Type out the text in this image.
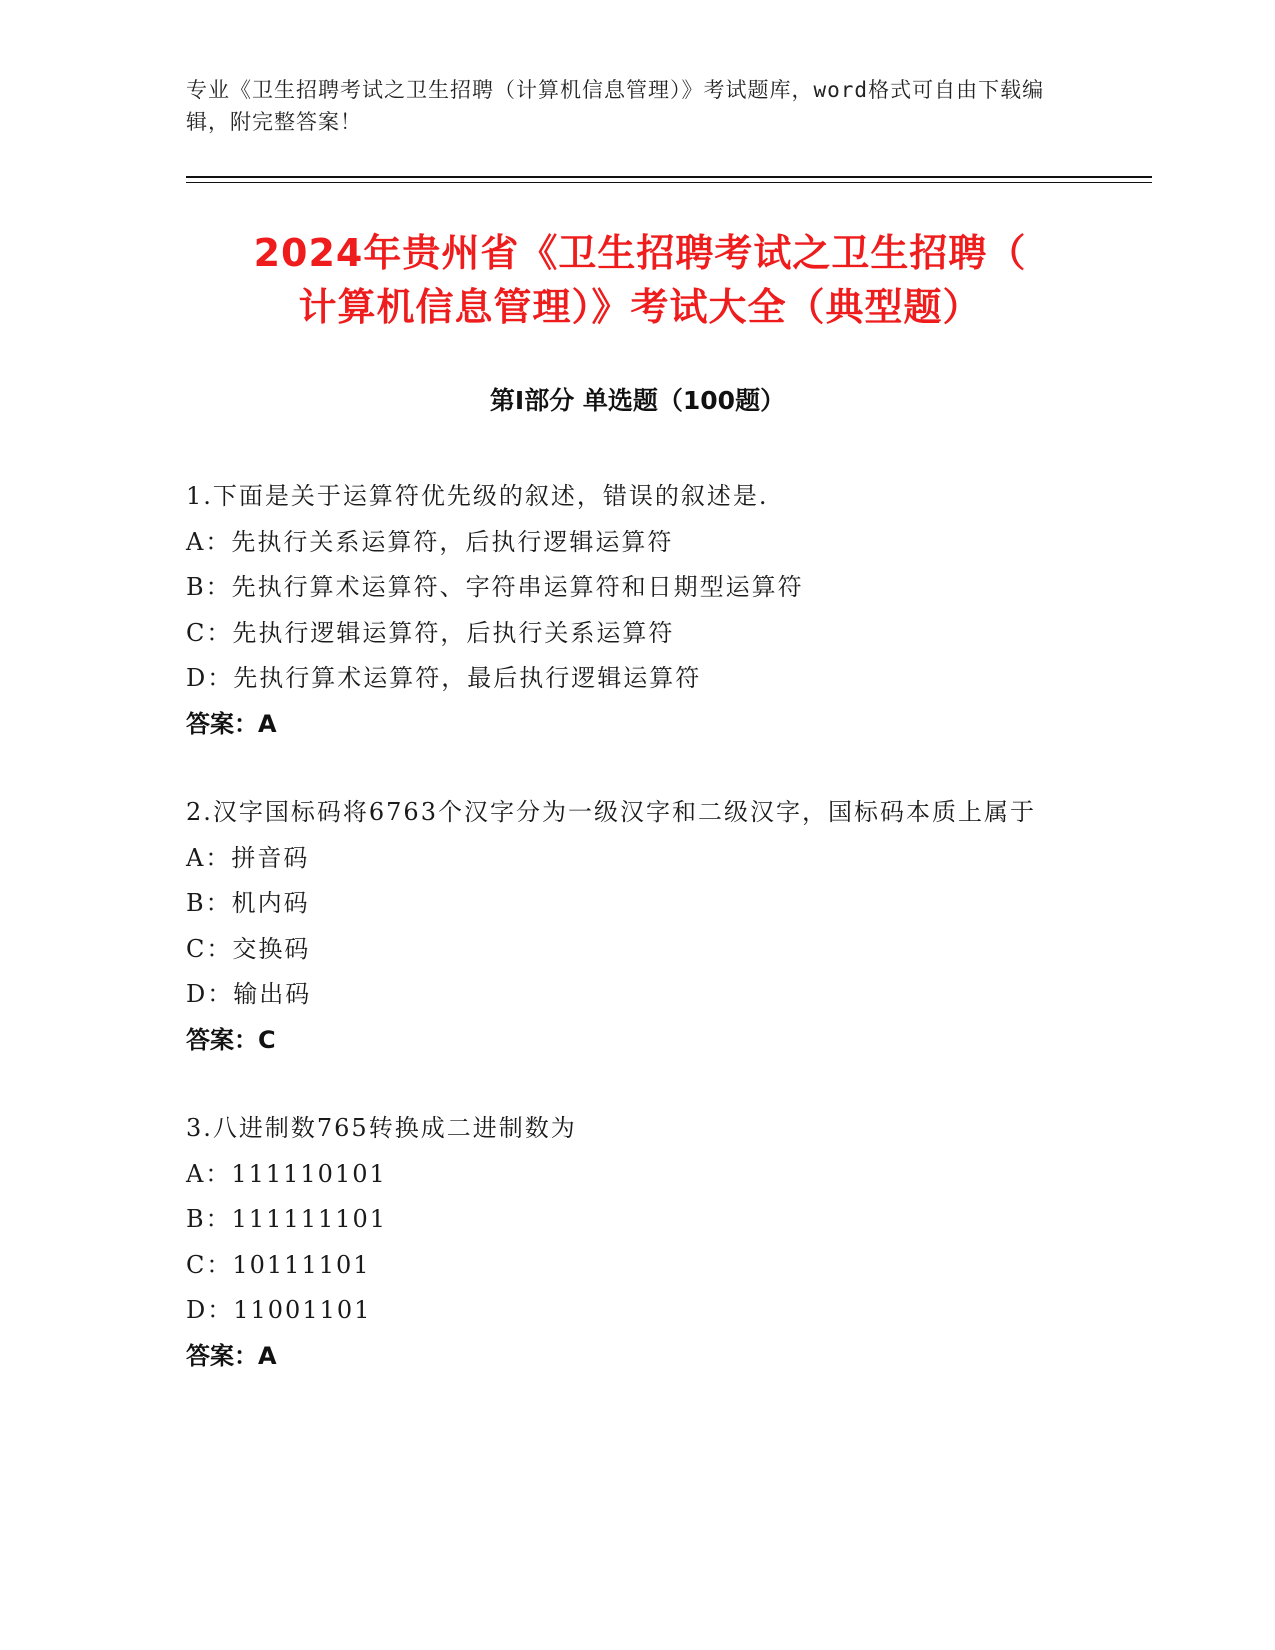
专业《卫生招聘考试之卫生招聘（计算机信息管理）》考试题库，word格式可自由下载编辑，附完整答案！
2024年贵州省《卫生招聘考试之卫生招聘（
计算机信息管理）》考试大全（典型题）
第Ⅰ部分 单选题（100题）
1.下面是关于运算符优先级的叙述，错误的叙述是.
A：先执行关系运算符，后执行逻辑运算符
B：先执行算术运算符、字符串运算符和日期型运算符
C：先执行逻辑运算符，后执行关系运算符
D：先执行算术运算符，最后执行逻辑运算符
答案：A
2.汉字国标码将6763个汉字分为一级汉字和二级汉字，国标码本质上属于
A：拼音码
B：机内码
C：交换码
D：输出码
答案：C
3.八进制数765转换成二进制数为
A：111110101
B：111111101
C：10111101
D：11001101
答案：A
